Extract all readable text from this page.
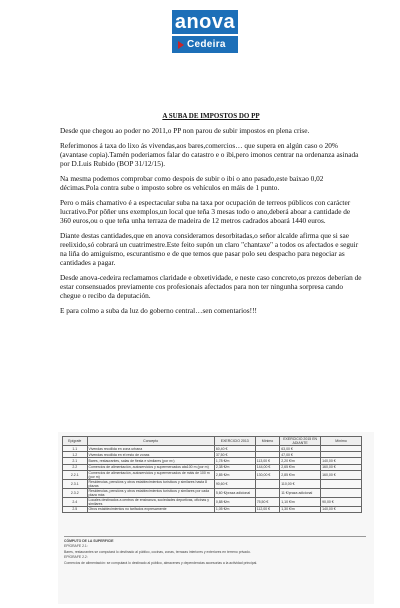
anova
Cedeira
A SUBA DE IMPOSTOS DO PP

Desde que chegou ao poder no 2011,o PP non parou de subir impostos en plena crise.

Referimonos á taxa do lixo ás vivendas,aos bares,comercios… que supera en algún caso o 20% (avantase copia).Tamén poderiamos falar do catastro e o ibi,pero imonos centrar na ordenanza asinada por D.Luis Rubido (BOP 31/12/15).

Na mesma podemos comprobar como despois de subir o ibi o ano pasado,este baixao 0,02 décimas.Pola contra sube o imposto sobre os vehículos en máis de 1 punto.

Pero o máis chamativo é a espectacular suba na taxa por ocupación de terreos públicos con carácter lucrativo.Por pôñer uns exemplos,un local que teña 3 mesas todo o ano,deberá aboar a cantidade de 360 euros,ou o que teña unha terraza de madeira de 12 metros cadrados aboará 1440 euros.

Diante destas cantidades,que en anova consideramos desorbitadas,o señor alcalde afirma que si sae reelixido,só cobrará un cuatrimestre.Este feito supón un claro "chantaxe" a todos os afectados e seguir na liña do amiguismo, escurantismo e de que temos que pasar polo seu despacho para negociar as cantidades a pagar.

Desde anova-cedeira reclamamos claridade e obxetividade, e neste caso concreto,os prezos deberían de estar consensuados previamente cos profesionais afectados para non ter ningunha sorpresa cando chegue o recibo da deputación.

E para colmo a suba da luz do goberno central…sen comentarios!!!

Epígrafe	Concepto	EXERCICIO 2013	Mínimo	EXERCICIO 2015 EN ADIANTE	Mínimo
1.1	Vivendas recollida en zona urbana	60,40 €		63,00 €	
1.2	Vivendas recollida en el resto de zonas	37,50 €		47,00 €	
2.1	Bares, restaurantes, salas de fiesta e similares (por m²)	1,78 €/m	113,00 €	2,20 €/m	140,00 €
2.2	Comercios de alimentación, autoservicios y supermercados ata100 m (por m)	2,38 €/m	144,00 €	2,65 €/m	160,00 €
2.2.1	Comercios de alimentación, autoservicios y supermercados de máis de 100 m (por m)	2,85 €/m	130,00 €	2,85 €/m	160,00 €
2.3.1	Residencias, pensións y otros establecimientos turísticos y similares hasta 8 plazas	90,60 €		110,00 €	
2.3.2	Residencias, pensións y otros establecimientos turísticos y similares por cada plaza más	5,60 €/praza adicional		11 €/praza adicional	
2.4	Locales destinados a centros de ensinanza, sociedades deportivas, oficinas y similares	0,88 €/m	75,50 €	1,10 €/m	90,00 €
2.5	Otros establecimientos no tarifados expresamente	1,05 €/m	112,00 €	1,30 €/m	140,00 €
CÓMPUTO DE LA SUPERFICIE
EPÍGRAFE 2.1:
Bares, restaurantes se computará lo destinado al público, cocinas, zonas, terrazas interiores y exteriores en terreno privado.
EPÍGRAFE 2.2:
Comercios de alimentación: se computará lo destinado al público, almacenes y dependencias accesorias a la actividad principal.
